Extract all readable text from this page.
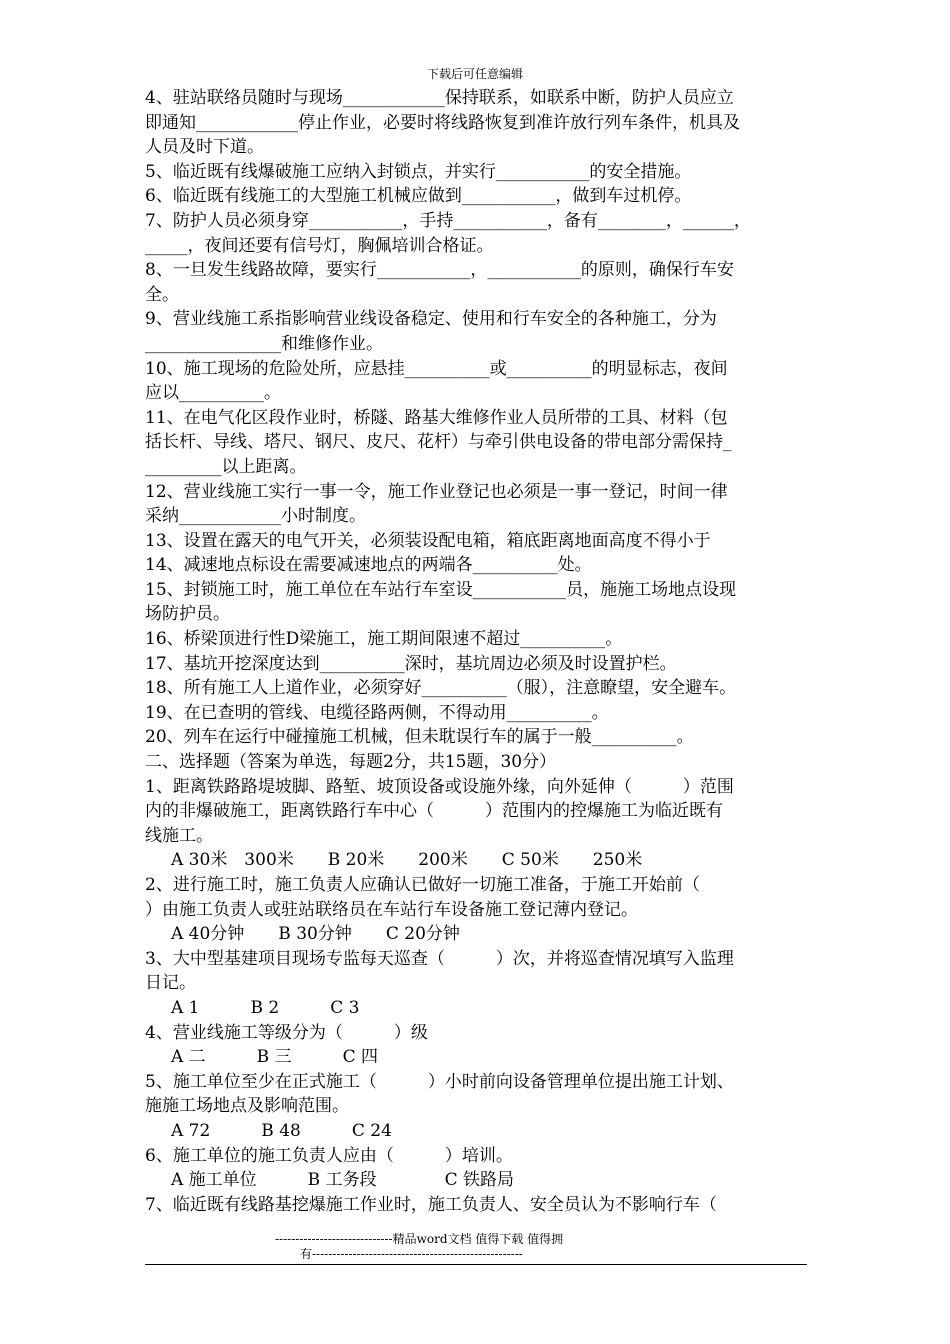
下载后可任意编辑
4、驻站联络员随时与现场____________保持联系，如联系中断，防护人员应立
即通知____________停止作业，必要时将线路恢复到准许放行列车条件，机具及
人员及时下道。
5、临近既有线爆破施工应纳入封锁点，并实行___________的安全措施。
6、临近既有线施工的大型施工机械应做到___________，做到车过机停。
7、防护人员必须身穿___________，手持___________，备有________，______，
_____，夜间还要有信号灯，胸佩培训合格证。
8、一旦发生线路故障，要实行___________，___________的原则，确保行车安
全。
9、营业线施工系指影响营业线设备稳定、使用和行车安全的各种施工，分为
________________和维修作业。
10、施工现场的危险处所，应悬挂__________或__________的明显标志，夜间
应以__________。
11、在电气化区段作业时，桥隧、路基大维修作业人员所带的工具、材料（包
括长杆、导线、塔尺、钢尺、皮尺、花杆）与牵引供电设备的带电部分需保持_
_________以上距离。
12、营业线施工实行一事一令，施工作业登记也必须是一事一登记，时间一律
采纳____________小时制度。
13、设置在露天的电气开关，必须装设配电箱，箱底距离地面高度不得小于
14、减速地点标设在需要减速地点的两端各__________处。
15、封锁施工时，施工单位在车站行车室设___________员，施施工场地点设现
场防护员。
16、桥梁顶进行性D梁施工，施工期间限速不超过__________。
17、基坑开挖深度达到__________深时，基坑周边必须及时设置护栏。
18、所有施工人上道作业，必须穿好__________（服），注意瞭望，安全避车。
19、在已查明的管线、电缆径路两侧，不得动用__________。
20、列车在运行中碰撞施工机械，但未耽误行车的属于一般__________。
二、选择题（答案为单选，每题2分，共15题，30分）
1、距离铁路路堤坡脚、路堑、坡顶设备或设施外缘，向外延伸（　　　）范围
内的非爆破施工，距离铁路行车中心（　　　）范围内的控爆施工为临近既有
线施工。
A 30米　300米　　B 20米　　200米　　C 50米　　250米
2、进行施工时，施工负责人应确认已做好一切施工准备，于施工开始前（
）由施工负责人或驻站联络员在车站行车设备施工登记薄内登记。
A 40分钟　　B 30分钟　　C 20分钟
3、大中型基建项目现场专监每天巡查（　　　）次，并将巡查情况填写入监理
日记。
A 1　　　B 2　　　C 3
4、营业线施工等级分为（　　　）级
A 二　　　B 三　　　C 四
5、施工单位至少在正式施工（　　　）小时前向设备管理单位提出施工计划、
施施工场地点及影响范围。
A 72　　　B 48　　　C 24
6、施工单位的施工负责人应由（　　　）培训。
A 施工单位　　　B 工务段　　　　C 铁路局
7、临近既有线路基挖爆施工作业时，施工负责人、安全员认为不影响行车（
-----------------------------精品word文档 值得下载 值得拥
有----------------------------------------------------
